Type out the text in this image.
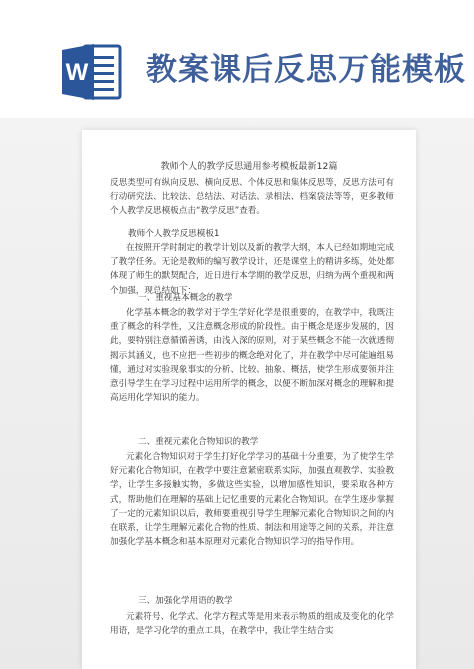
W 教案课后反思万能模板
教师个人的教学反思通用参考模板最新12篇

反思类型可有纵向反思、横向反思、个体反思和集体反思等，反思方法可有行动研究法、比较法、总结法、对话法、录相法、档案袋法等等，更多教师个人教学反思模板点击“教学反思”查看。

教师个人教学反思模板1

在按照开学时制定的教学计划以及新的教学大纲，本人已经如期地完成了教学任务。无论是教师的编写教学设计，还是课堂上的精讲多练，处处都体现了师生的默契配合，近日进行本学期的教学反思，归纳为两个重视和两个加强，现总结如下：

一、重视基本概念的教学

化学基本概念的教学对于学生学好化学是很重要的，在教学中，我既注重了概念的科学性，又注意概念形成的阶段性。由于概念是逐步发展的，因此，要特别注意循循善诱，由浅入深的原则，对于某些概念不能一次就透彻揭示其涵义，也不应把一些初步的概念绝对化了，并在教学中尽可能遍组易懂，通过对实验现象事实的分析、比较、抽象、概括，使学生形成要领并注意引导学生在学习过程中运用所学的概念，以便不断加深对概念的理解和提高运用化学知识的能力。

二、重视元素化合物知识的教学

元素化合物知识对于学生打好化学学习的基础十分重要，为了使学生学好元素化合物知识，在教学中要注意紧密联系实际，加强直观教学、实验教学，让学生多接触实物，多做这些实验，以增加感性知识，要采取各种方式，帮助他们在理解的基础上记忆重要的元素化合物知识。在学生逐步掌握了一定的元素知识以后，教师要重视引导学生理解元素化合物知识之间的内在联系，让学生理解元素化合物的性质、制法和用途等之间的关系，并注意加强化学基本概念和基本原理对元素化合物知识学习的指导作用。

三、加强化学用语的教学

元素符号、化学式、化学方程式等是用来表示物质的组成及变化的化学用语，是学习化学的重点工具，在教学中，我让学生结合实
